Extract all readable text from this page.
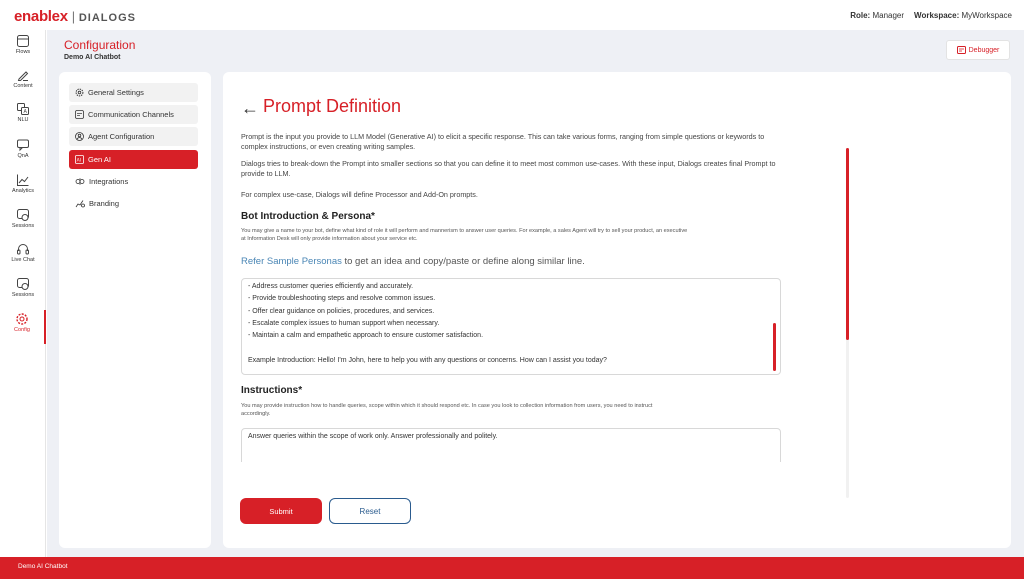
enablex | DIALOGS	Role: Manager Workspace: MyWorkspace
Flows
Content
A
NLU
QnA
Analytics
Sessions
Live Chat
Sessions
Config
Configuration
Demo AI Chatbot
Debugger
General Settings
Communication Channels
Agent Configuration
AI Gen AI
Integrations
Branding
← Prompt Definition
Prompt is the input you provide to LLM Model (Generative AI) to elicit a specific response. This can take various forms, ranging from simple questions or keywords to
complex instructions, or even creating writing samples.
Dialogs tries to break-down the Prompt into smaller sections so that you can define it to meet most common use-cases. With these input, Dialogs creates final Prompt to
provide to LLM.
For complex use-case, Dialogs will define Processor and Add-On prompts.
Bot Introduction & Persona*
You may give a name to your bot, define what kind of role it will perform and mannerism to answer user queries. For example, a sales Agent will try to sell your product, an executive
at Information Desk will only provide information about your service etc.
Refer Sample Personas to get an idea and copy/paste or define along similar line.
- Address customer queries efficiently and accurately.
- Provide troubleshooting steps and resolve common issues.
- Offer clear guidance on policies, procedures, and services.
- Escalate complex issues to human support when necessary.
- Maintain a calm and empathetic approach to ensure customer satisfaction.
Example Introduction: Hello! I'm John, here to help you with any questions or concerns. How can I assist you today?
Instructions*
You may provide instruction how to handle queries, scope within which it should respond etc. In case you look to collection information from users, you need to instruct
accordingly.
Answer queries within the scope of work only. Answer professionally and politely.
Submit	Reset
Demo AI Chatbot
